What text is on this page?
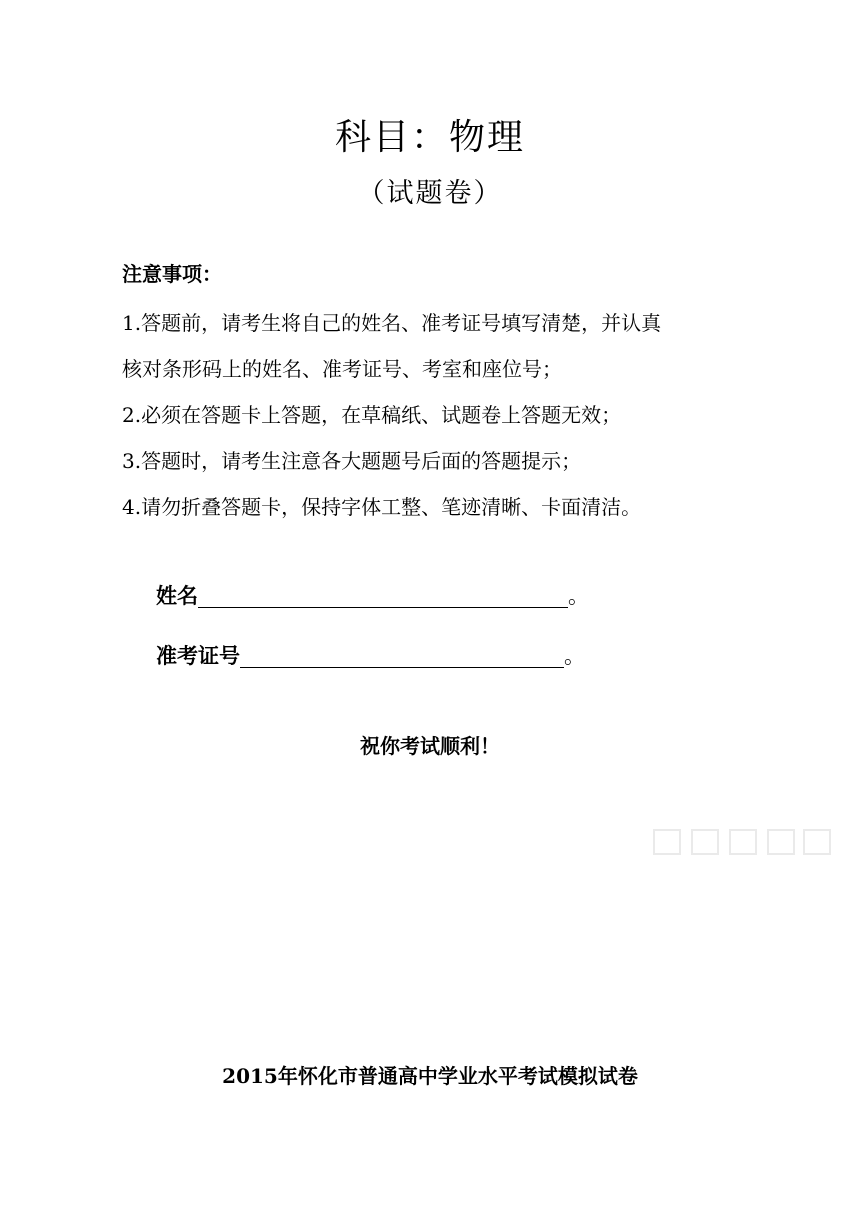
科目：物理
（试题卷）
注意事项：
1.答题前，请考生将自己的姓名、准考证号填写清楚，并认真
核对条形码上的姓名、准考证号、考室和座位号；
2.必须在答题卡上答题，在草稿纸、试题卷上答题无效；
3.答题时，请考生注意各大题题号后面的答题提示；
4.请勿折叠答题卡，保持字体工整、笔迹清晰、卡面清洁。
姓名	。
准考证号	。
祝你考试顺利！
2015年怀化市普通高中学业水平考试模拟试卷
